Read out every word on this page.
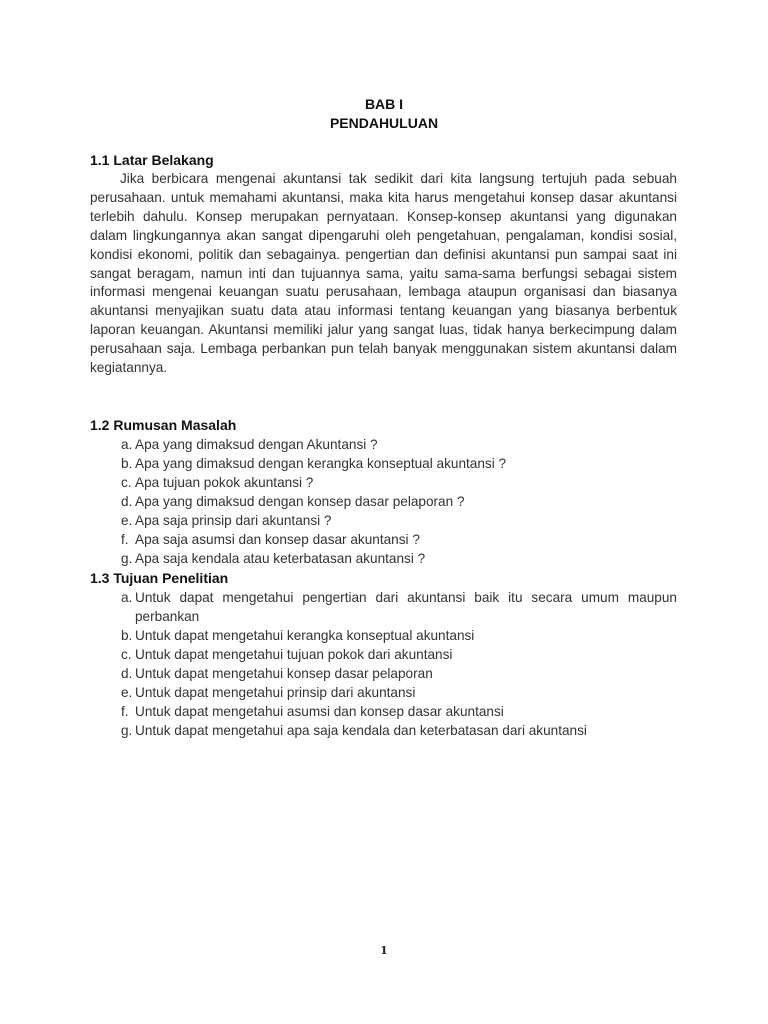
BAB I
PENDAHULUAN
1.1 Latar Belakang
Jika berbicara mengenai akuntansi tak sedikit dari kita langsung tertujuh pada sebuah perusahaan. untuk memahami akuntansi, maka kita harus mengetahui konsep dasar akuntansi terlebih dahulu. Konsep merupakan pernyataan. Konsep-konsep akuntansi yang digunakan dalam lingkungannya akan sangat dipengaruhi oleh pengetahuan, pengalaman, kondisi sosial, kondisi ekonomi, politik dan sebagainya. pengertian dan definisi akuntansi pun sampai saat ini sangat beragam, namun inti dan tujuannya sama, yaitu sama-sama berfungsi sebagai sistem informasi mengenai keuangan suatu perusahaan, lembaga ataupun organisasi dan biasanya akuntansi menyajikan suatu data atau informasi tentang keuangan yang biasanya berbentuk laporan keuangan. Akuntansi memiliki jalur yang sangat luas, tidak hanya berkecimpung dalam perusahaan saja. Lembaga perbankan pun telah banyak menggunakan sistem akuntansi dalam kegiatannya.
1.2 Rumusan Masalah
a. Apa yang dimaksud dengan Akuntansi ?
b. Apa yang dimaksud dengan kerangka konseptual akuntansi ?
c. Apa tujuan pokok akuntansi ?
d. Apa yang dimaksud dengan konsep dasar pelaporan ?
e. Apa saja prinsip dari akuntansi ?
f. Apa saja asumsi dan konsep dasar akuntansi ?
g. Apa saja kendala atau keterbatasan akuntansi ?
1.3 Tujuan Penelitian
a. Untuk dapat mengetahui pengertian dari akuntansi baik itu secara umum maupun perbankan
b. Untuk dapat mengetahui kerangka konseptual akuntansi
c. Untuk dapat mengetahui tujuan pokok dari akuntansi
d. Untuk dapat mengetahui konsep dasar pelaporan
e. Untuk dapat mengetahui prinsip dari akuntansi
f. Untuk dapat mengetahui asumsi dan konsep dasar akuntansi
g. Untuk dapat mengetahui apa saja kendala dan keterbatasan dari akuntansi
1
